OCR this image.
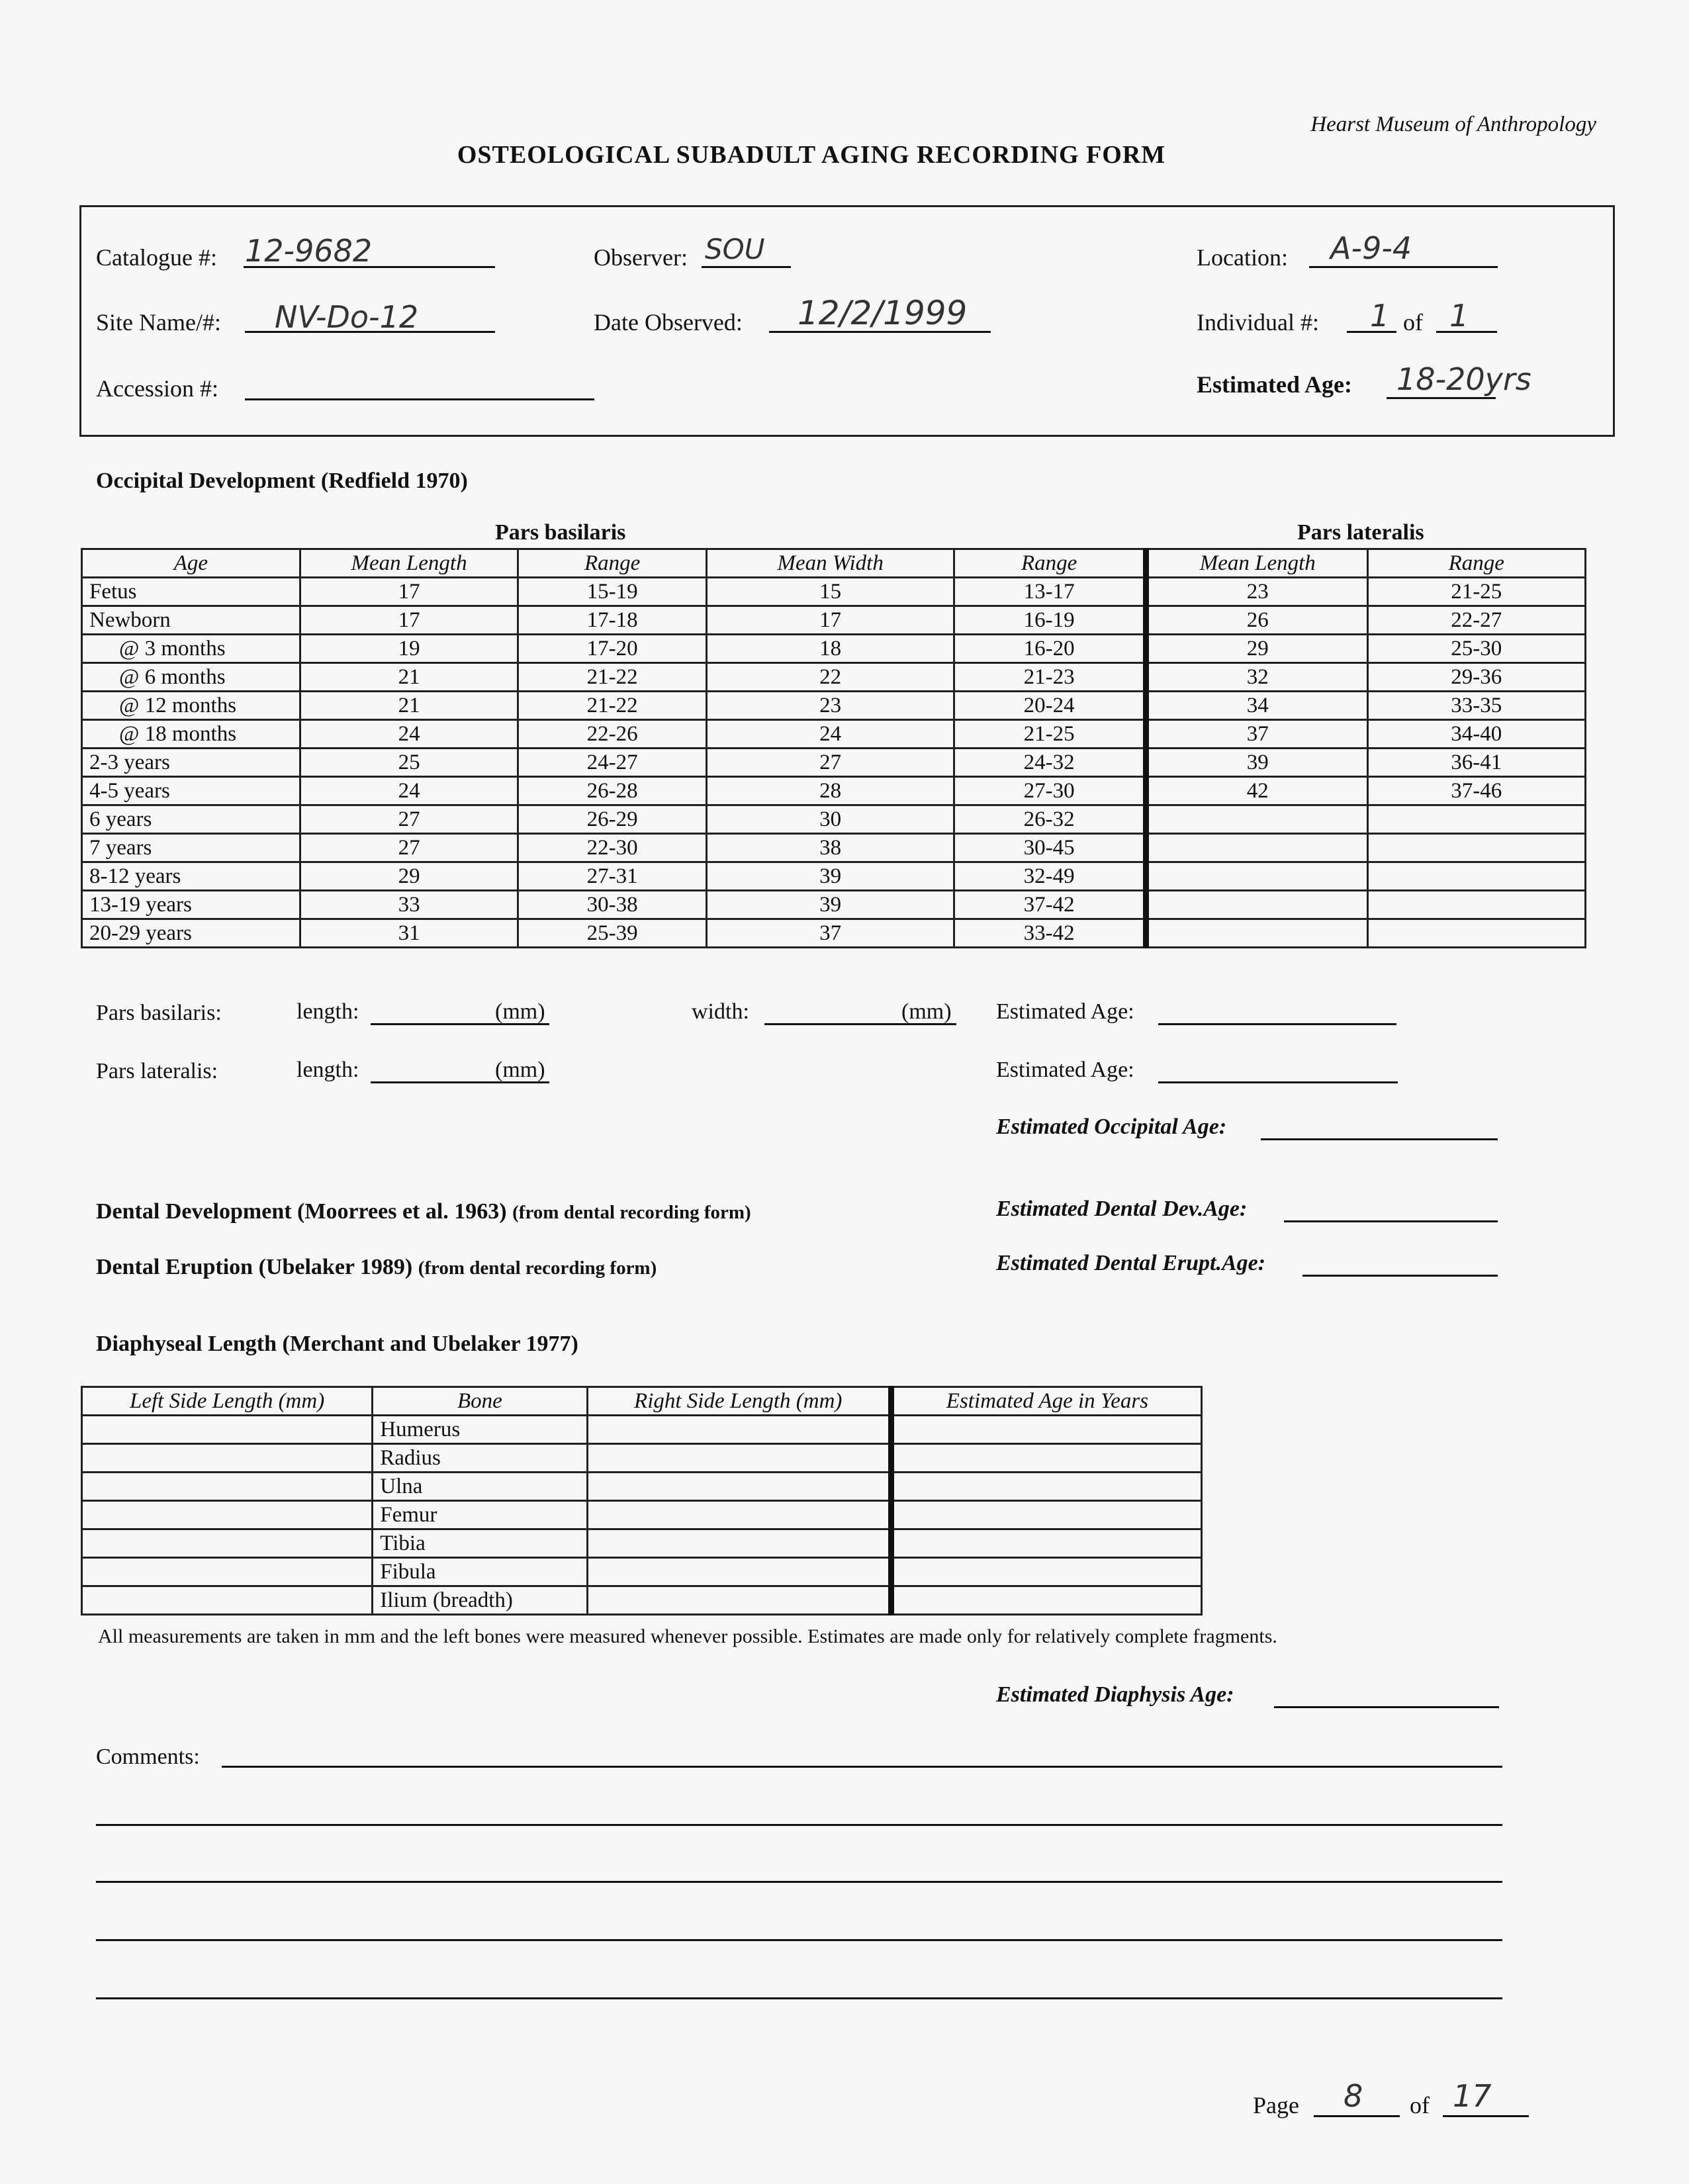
Hearst Museum of Anthropology
OSTEOLOGICAL SUBADULT AGING RECORDING FORM
Catalogue #: 12-9682	Observer: SOU	Location: A-9-4
Site Name/#: NV-Do-12	Date Observed: 12/2/1999	Individual #: 1 of 1
Accession #:	Estimated Age: 18-20yrs
Occipital Development (Redfield 1970)
Pars basilaris	Pars lateralis
Age	Mean Length	Range	Mean Width	Range	Mean Length	Range
Fetus	17	15-19	15	13-17	23	21-25
Newborn	17	17-18	17	16-19	26	22-27
@ 3 months	19	17-20	18	16-20	29	25-30
@ 6 months	21	21-22	22	21-23	32	29-36
@ 12 months	21	21-22	23	20-24	34	33-35
@ 18 months	24	22-26	24	21-25	37	34-40
2-3 years	25	24-27	27	24-32	39	36-41
4-5 years	24	26-28	28	27-30	42	37-46
6 years	27	26-29	30	26-32		
7 years	27	22-30	38	30-45		
8-12 years	29	27-31	39	32-49		
13-19 years	33	30-38	39	37-42		
20-29 years	31	25-39	37	33-42		
Pars basilaris:	length:	(mm)	width:	(mm) Estimated Age:
Pars lateralis:	length:	(mm)	Estimated Age:
Estimated Occipital Age:
Dental Development (Moorrees et al. 1963) (from dental recording form)	Estimated Dental Dev.Age:
Dental Eruption (Ubelaker 1989) (from dental recording form)	Estimated Dental Erupt.Age:
Diaphyseal Length (Merchant and Ubelaker 1977)
Left Side Length (mm)	Bone	Right Side Length (mm)	Estimated Age in Years
	Humerus		
	Radius		
	Ulna		
	Femur		
	Tibia		
	Fibula		
	Ilium (breadth)		
All measurements are taken in mm and the left bones were measured whenever possible. Estimates are made only for relatively complete fragments.
Estimated Diaphysis Age:
Comments:
Page 8 of 17
